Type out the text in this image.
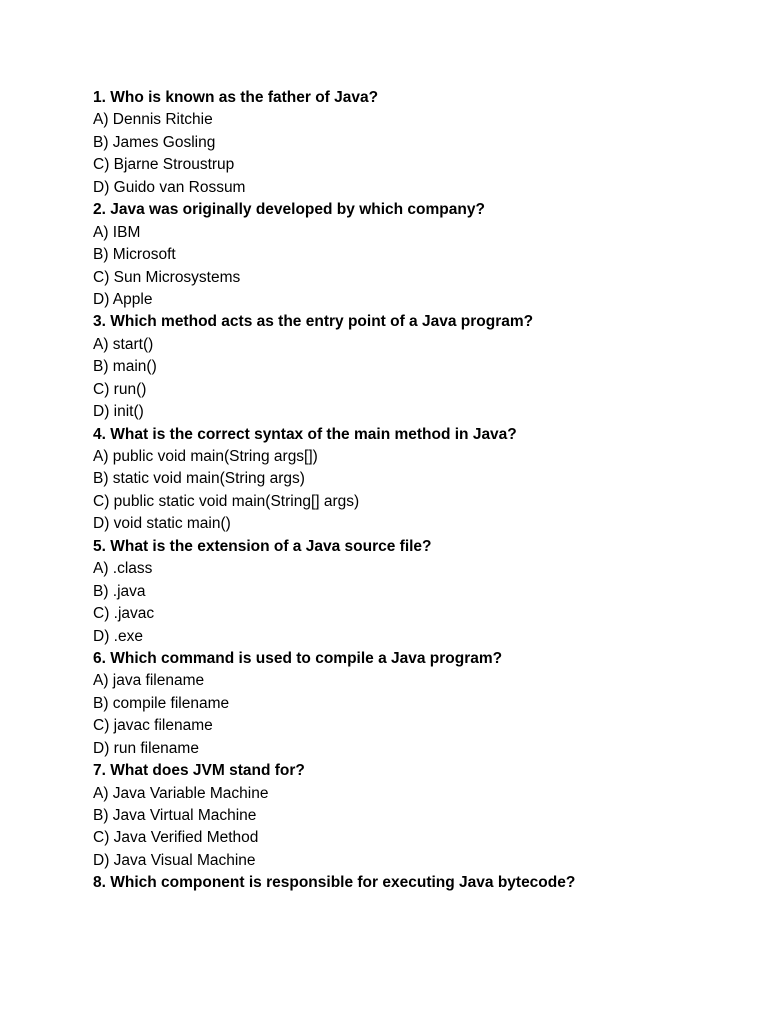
1. Who is known as the father of Java?
A) Dennis Ritchie
B) James Gosling
C) Bjarne Stroustrup
D) Guido van Rossum
2. Java was originally developed by which company?
A) IBM
B) Microsoft
C) Sun Microsystems
D) Apple
3. Which method acts as the entry point of a Java program?
A) start()
B) main()
C) run()
D) init()
4. What is the correct syntax of the main method in Java?
A) public void main(String args[])
B) static void main(String args)
C) public static void main(String[] args)
D) void static main()
5. What is the extension of a Java source file?
A) .class
B) .java
C) .javac
D) .exe
6. Which command is used to compile a Java program?
A) java filename
B) compile filename
C) javac filename
D) run filename
7. What does JVM stand for?
A) Java Variable Machine
B) Java Virtual Machine
C) Java Verified Method
D) Java Visual Machine
8. Which component is responsible for executing Java bytecode?
